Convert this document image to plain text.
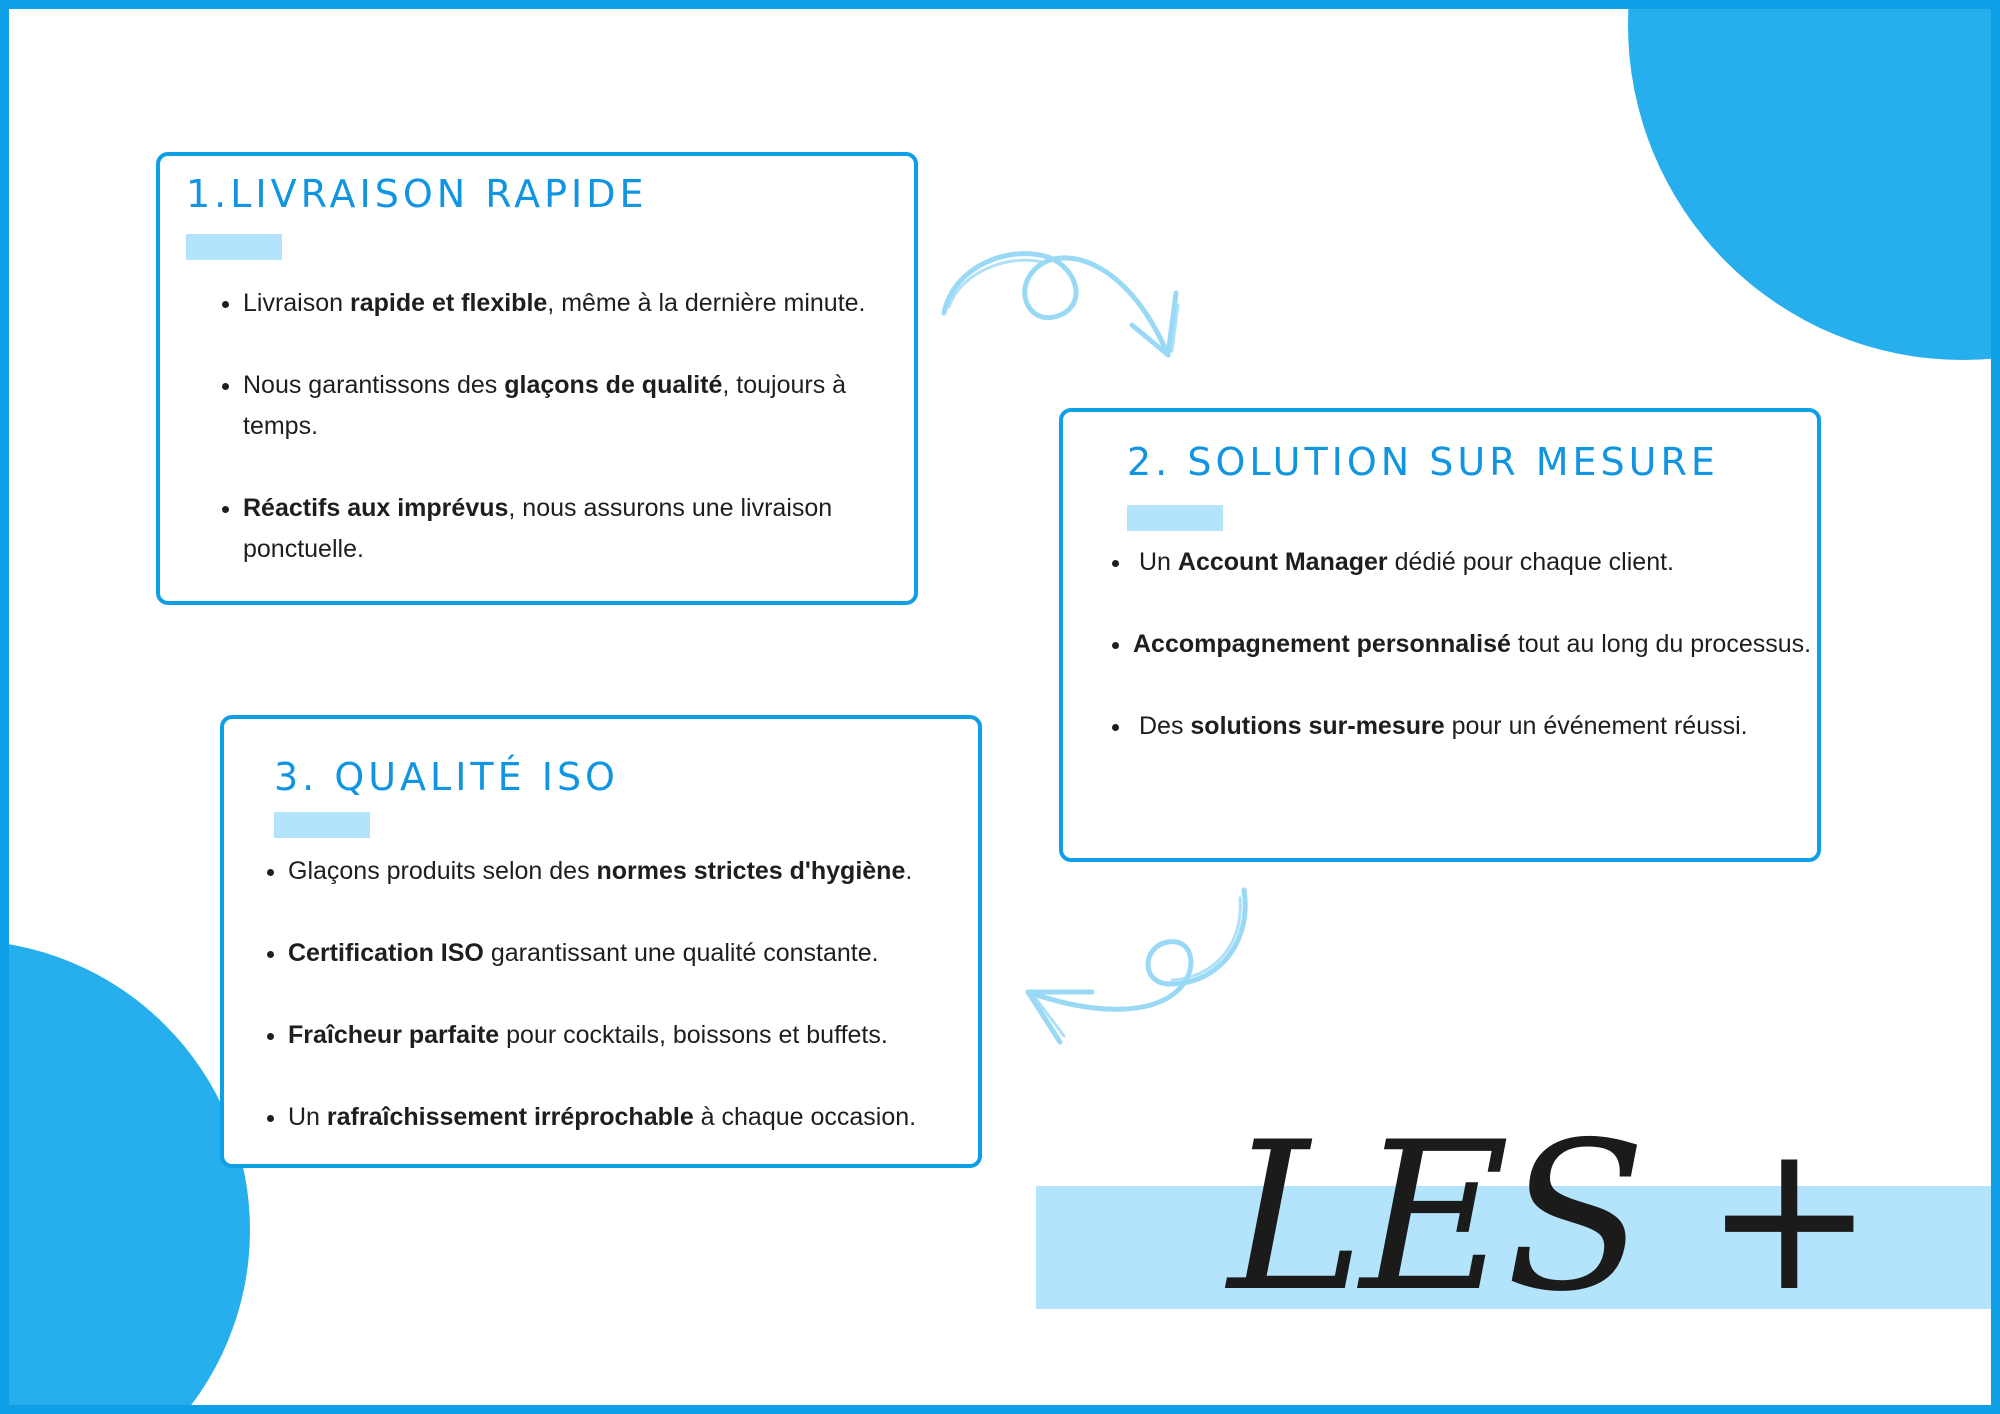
1.LIVRAISON RAPIDE
• Livraison rapide et flexible, même à la dernière minute.
• Nous garantissons des glaçons de qualité, toujours à temps.
• Réactifs aux imprévus, nous assurons une livraison ponctuelle.
2. SOLUTION SUR MESURE
• Un Account Manager dédié pour chaque client.
• Accompagnement personnalisé tout au long du processus.
• Des solutions sur-mesure pour un événement réussi.
3. QUALITÉ ISO
• Glaçons produits selon des normes strictes d'hygiène.
• Certification ISO garantissant une qualité constante.
• Fraîcheur parfaite pour cocktails, boissons et buffets.
• Un rafraîchissement irréprochable à chaque occasion.	LES +
